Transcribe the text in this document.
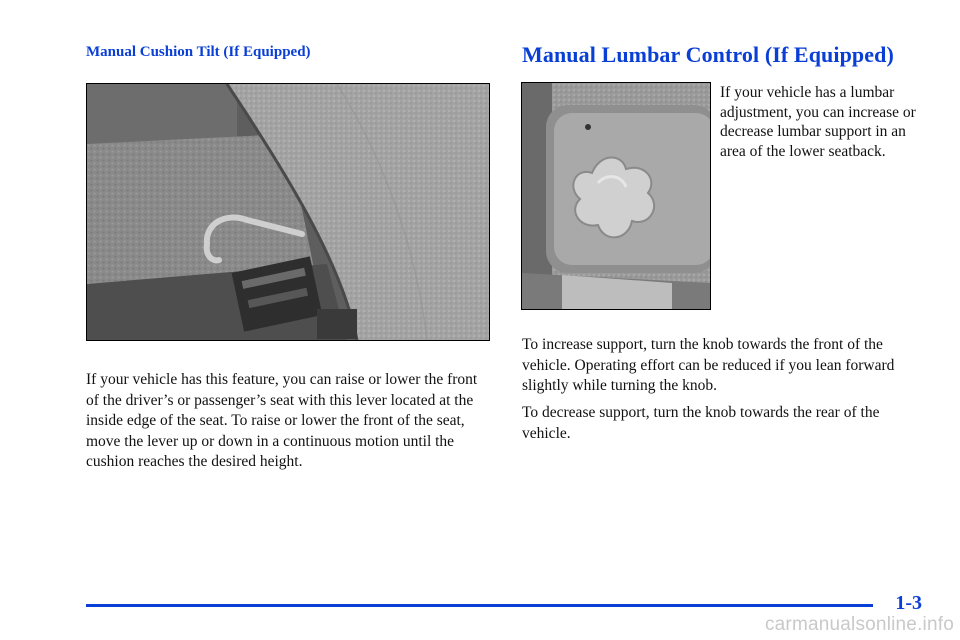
Manual Cushion Tilt (If Equipped)

If your vehicle has this feature, you can raise or lower the front of the driver’s or passenger’s seat with this lever located at the inside edge of the seat. To raise or lower the front of the seat, move the lever up or down in a continuous motion until the cushion reaches the desired height.

Manual Lumbar Control (If Equipped)

If your vehicle has a lumbar adjustment, you can increase or decrease lumbar support in an area of the lower seatback.

To increase support, turn the knob towards the front of the vehicle. Operating effort can be reduced if you lean forward slightly while turning the knob.

To decrease support, turn the knob towards the rear of the vehicle.

1-3

carmanualsonline.info
